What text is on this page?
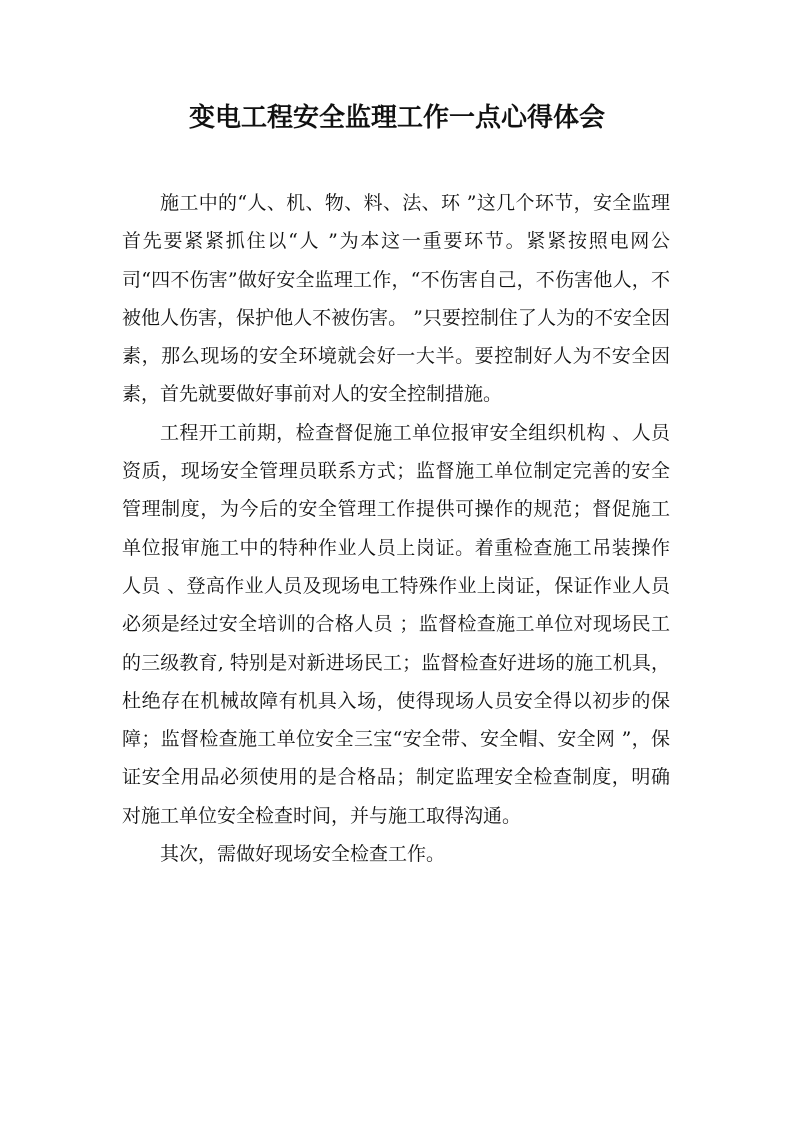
变电工程安全监理工作一点心得体会

施工中的“人、机、物、料、法、环 ”这几个环节，安全监理首先要紧紧抓住以“人 ”为本这一重要环节。紧紧按照电网公司“四不伤害”做好安全监理工作，“不伤害自己，不伤害他人，不被他人伤害，保护他人不被伤害。 ”只要控制住了人为的不安全因素，那么现场的安全环境就会好一大半。要控制好人为不安全因素，首先就要做好事前对人的安全控制措施。

工程开工前期，检查督促施工单位报审安全组织机构 、人员资质，现场安全管理员联系方式；监督施工单位制定完善的安全管理制度，为今后的安全管理工作提供可操作的规范；督促施工单位报审施工中的特种作业人员上岗证。着重检查施工吊装操作人员 、登高作业人员及现场电工特殊作业上岗证，保证作业人员必须是经过安全培训的合格人员 ；监督检查施工单位对现场民工的三级教育, 特别是对新进场民工；监督检查好进场的施工机具，杜绝存在机械故障有机具入场，使得现场人员安全得以初步的保障；监督检查施工单位安全三宝“安全带、安全帽、安全网 ”，保证安全用品必须使用的是合格品；制定监理安全检查制度，明确对施工单位安全检查时间，并与施工取得沟通。

其次，需做好现场安全检查工作。
